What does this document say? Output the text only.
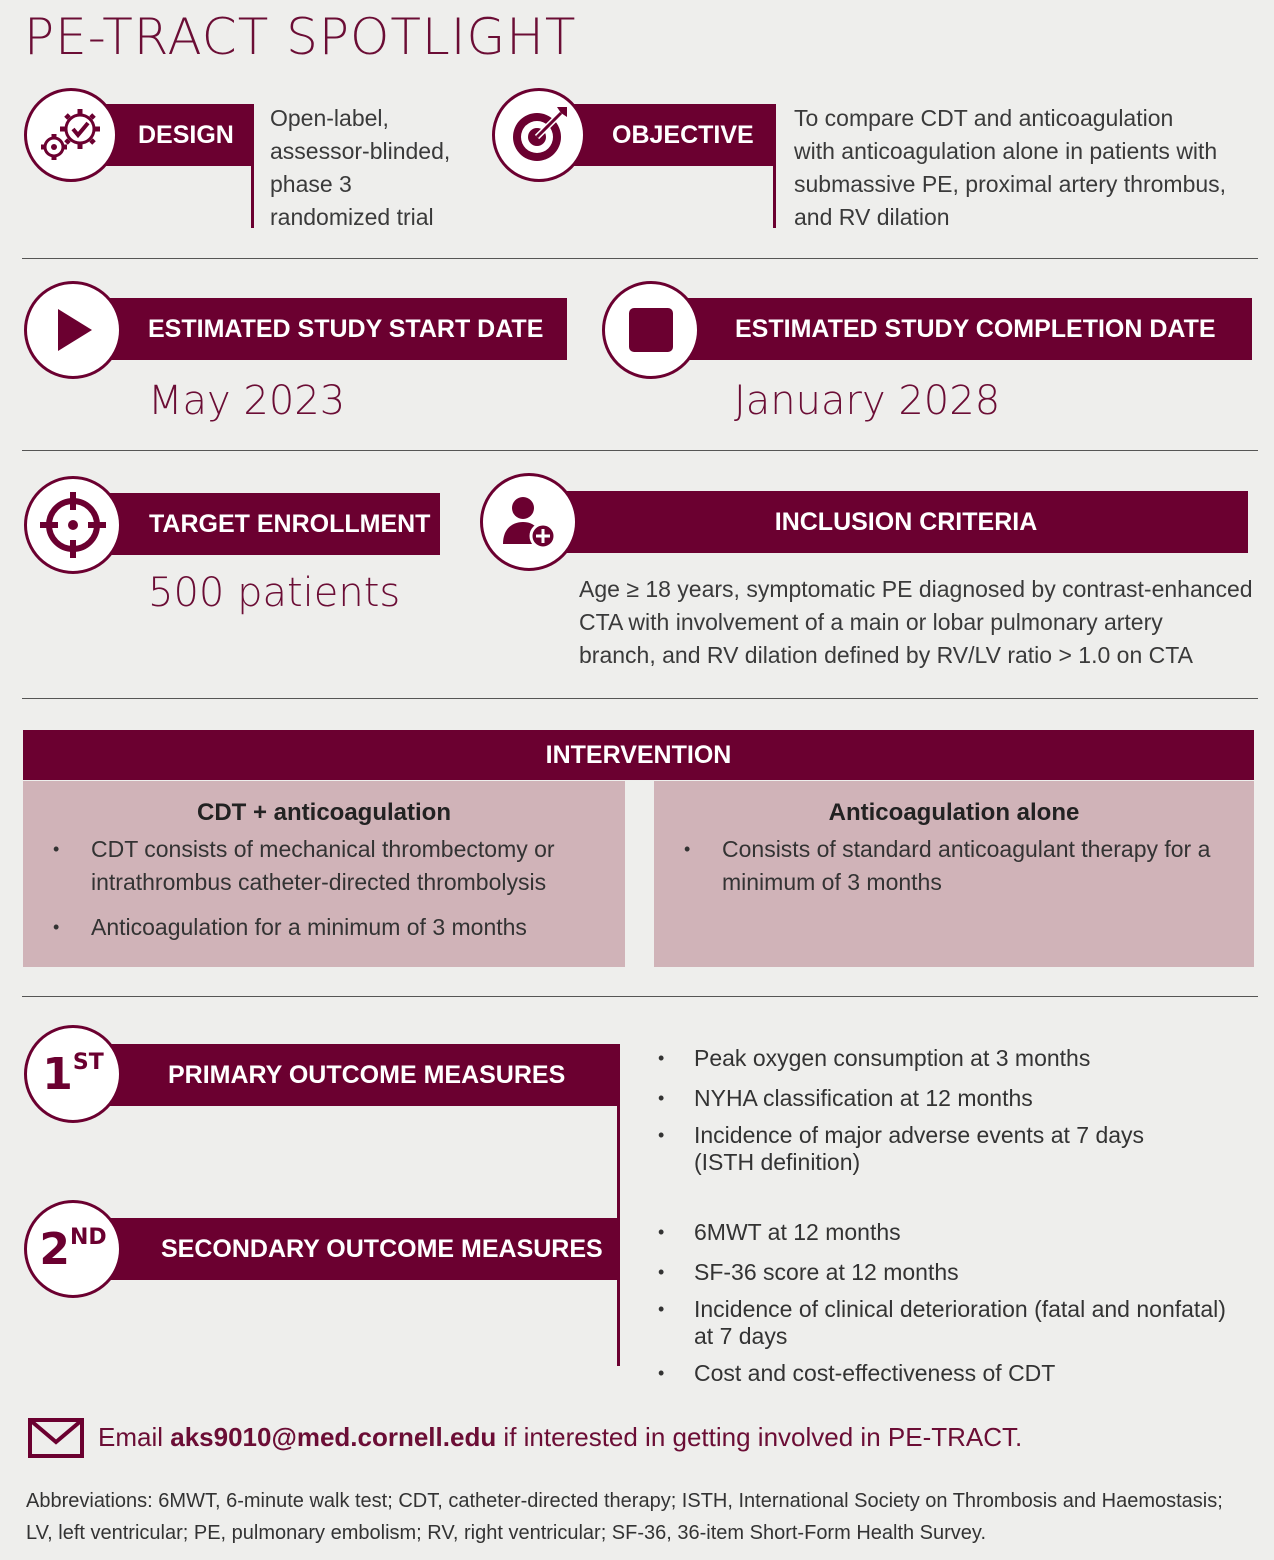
PE-TRACT SPOTLIGHT
DESIGN
Open-label,
assessor-blinded,
phase 3
randomized trial
OBJECTIVE
To compare CDT and anticoagulation
with anticoagulation alone in patients with
submassive PE, proximal artery thrombus,
and RV dilation
ESTIMATED STUDY START DATE
May 2023
ESTIMATED STUDY COMPLETION DATE
January 2028
TARGET ENROLLMENT
500 patients
INCLUSION CRITERIA
Age ≥ 18 years, symptomatic PE diagnosed by contrast-enhanced
CTA with involvement of a main or lobar pulmonary artery
branch, and RV dilation defined by RV/LV ratio > 1.0 on CTA
INTERVENTION
CDT + anticoagulation
• CDT consists of mechanical thrombectomy or
intrathrombus catheter-directed thrombolysis
• Anticoagulation for a minimum of 3 months
Anticoagulation alone
• Consists of standard anticoagulant therapy for a
minimum of 3 months
PRIMARY OUTCOME MEASURES
1ST
SECONDARY OUTCOME MEASURES
2ND
• Peak oxygen consumption at 3 months
• NYHA classification at 12 months
• Incidence of major adverse events at 7 days
(ISTH definition)
• 6MWT at 12 months
• SF-36 score at 12 months
• Incidence of clinical deterioration (fatal and nonfatal)
at 7 days
• Cost and cost-effectiveness of CDT
Email aks9010@med.cornell.edu if interested in getting involved in PE-TRACT.
Abbreviations: 6MWT, 6-minute walk test; CDT, catheter-directed therapy; ISTH, International Society on Thrombosis and Haemostasis;
LV, left ventricular; PE, pulmonary embolism; RV, right ventricular; SF-36, 36-item Short-Form Health Survey.
